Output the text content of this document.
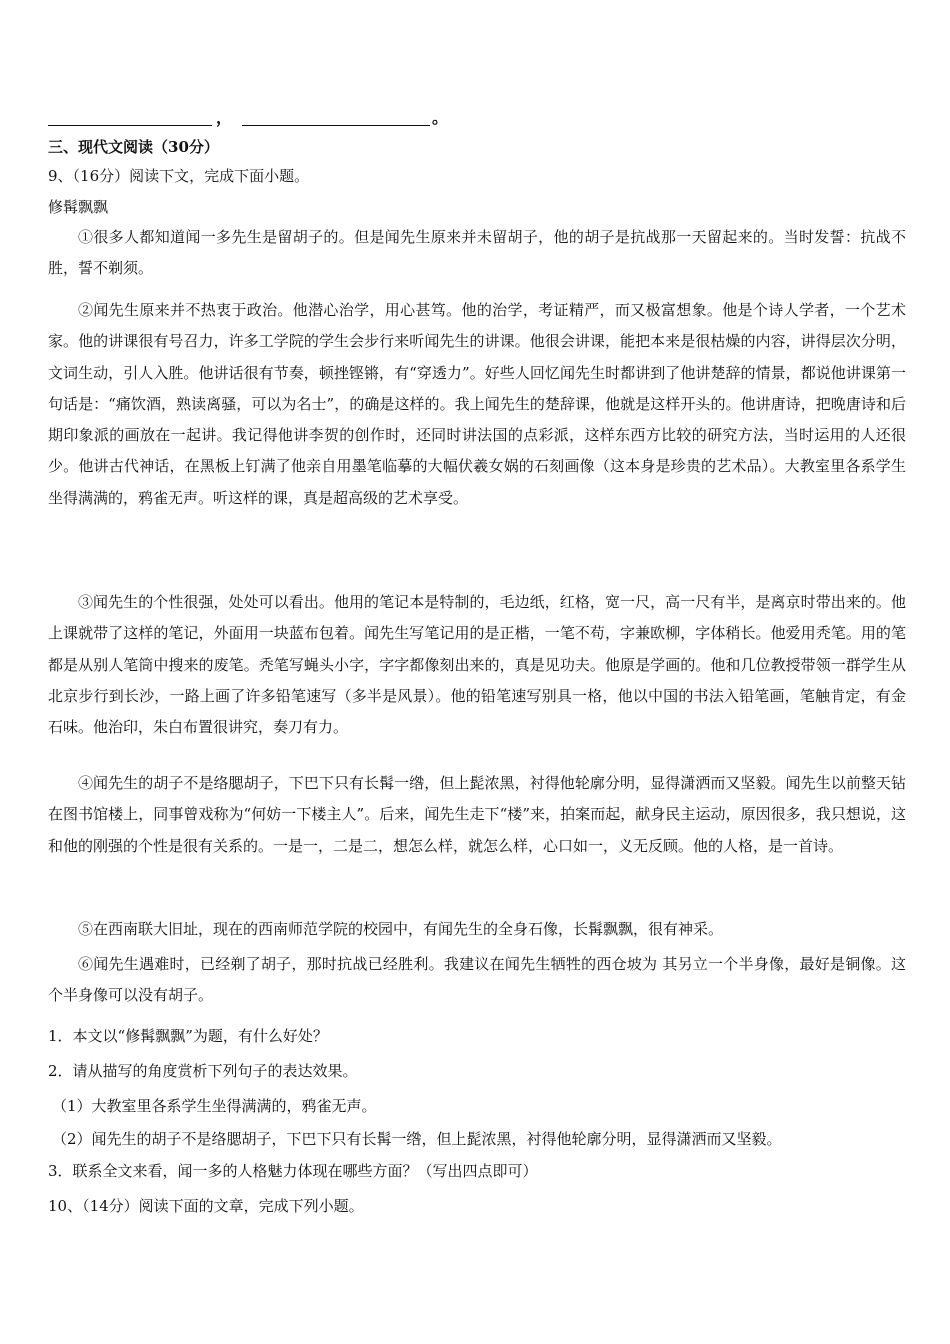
，	。
三、现代文阅读（30分）
9、（16分）阅读下文，完成下面小题。
修髯飘飘

①很多人都知道闻一多先生是留胡子的。但是闻先生原来并未留胡子，他的胡子是抗战那一天留起来的。当时发誓：抗战不胜，誓不剃须。

②闻先生原来并不热衷于政治。他潜心治学，用心甚笃。他的治学，考证精严，而又极富想象。他是个诗人学者，一个艺术家。他的讲课很有号召力，许多工学院的学生会步行来听闻先生的讲课。他很会讲课，能把本来是很枯燥的内容，讲得层次分明，文词生动，引人入胜。他讲话很有节奏，顿挫铿锵，有“穿透力”。好些人回忆闻先生时都讲到了他讲楚辞的情景，都说他讲课第一句话是：“痛饮酒，熟读离骚，可以为名士”，的确是这样的。我上闻先生的楚辞课，他就是这样开头的。他讲唐诗，把晚唐诗和后期印象派的画放在一起讲。我记得他讲李贺的创作时，还同时讲法国的点彩派，这样东西方比较的研究方法，当时运用的人还很少。他讲古代神话，在黑板上钉满了他亲自用墨笔临摹的大幅伏羲女娲的石刻画像（这本身是珍贵的艺术品）。大教室里各系学生坐得满满的，鸦雀无声。听这样的课，真是超高级的艺术享受。

③闻先生的个性很强，处处可以看出。他用的笔记本是特制的，毛边纸，红格，宽一尺，高一尺有半，是离京时带出来的。他上课就带了这样的笔记，外面用一块蓝布包着。闻先生写笔记用的是正楷，一笔不苟，字兼欧柳，字体稍长。他爱用秃笔。用的笔都是从别人笔筒中搜来的废笔。秃笔写蝇头小字，字字都像刻出来的，真是见功夫。他原是学画的。他和几位教授带领一群学生从北京步行到长沙，一路上画了许多铅笔速写（多半是风景）。他的铅笔速写别具一格，他以中国的书法入铅笔画，笔触肯定，有金石味。他治印，朱白布置很讲究，奏刀有力。

④闻先生的胡子不是络腮胡子，下巴下只有长髯一绺，但上髭浓黑，衬得他轮廓分明，显得潇洒而又坚毅。闻先生以前整天钻在图书馆楼上，同事曾戏称为“何妨一下楼主人”。后来，闻先生走下“楼”来，拍案而起，献身民主运动，原因很多，我只想说，这和他的刚强的个性是很有关系的。一是一，二是二，想怎么样，就怎么样，心口如一，义无反顾。他的人格，是一首诗。

⑤在西南联大旧址，现在的西南师范学院的校园中，有闻先生的全身石像，长髯飘飘，很有神采。

⑥闻先生遇难时，已经剃了胡子，那时抗战已经胜利。我建议在闻先生牺牲的西仓坡为 其另立一个半身像，最好是铜像。这个半身像可以没有胡子。

1．本文以“修髯飘飘”为题，有什么好处？
2．请从描写的角度赏析下列句子的表达效果。
（1）大教室里各系学生坐得满满的，鸦雀无声。
（2）闻先生的胡子不是络腮胡子，下巴下只有长髯一绺，但上髭浓黑，衬得他轮廓分明，显得潇洒而又坚毅。
3．联系全文来看，闻一多的人格魅力体现在哪些方面？（写出四点即可）
10、（14分）阅读下面的文章，完成下列小题。
